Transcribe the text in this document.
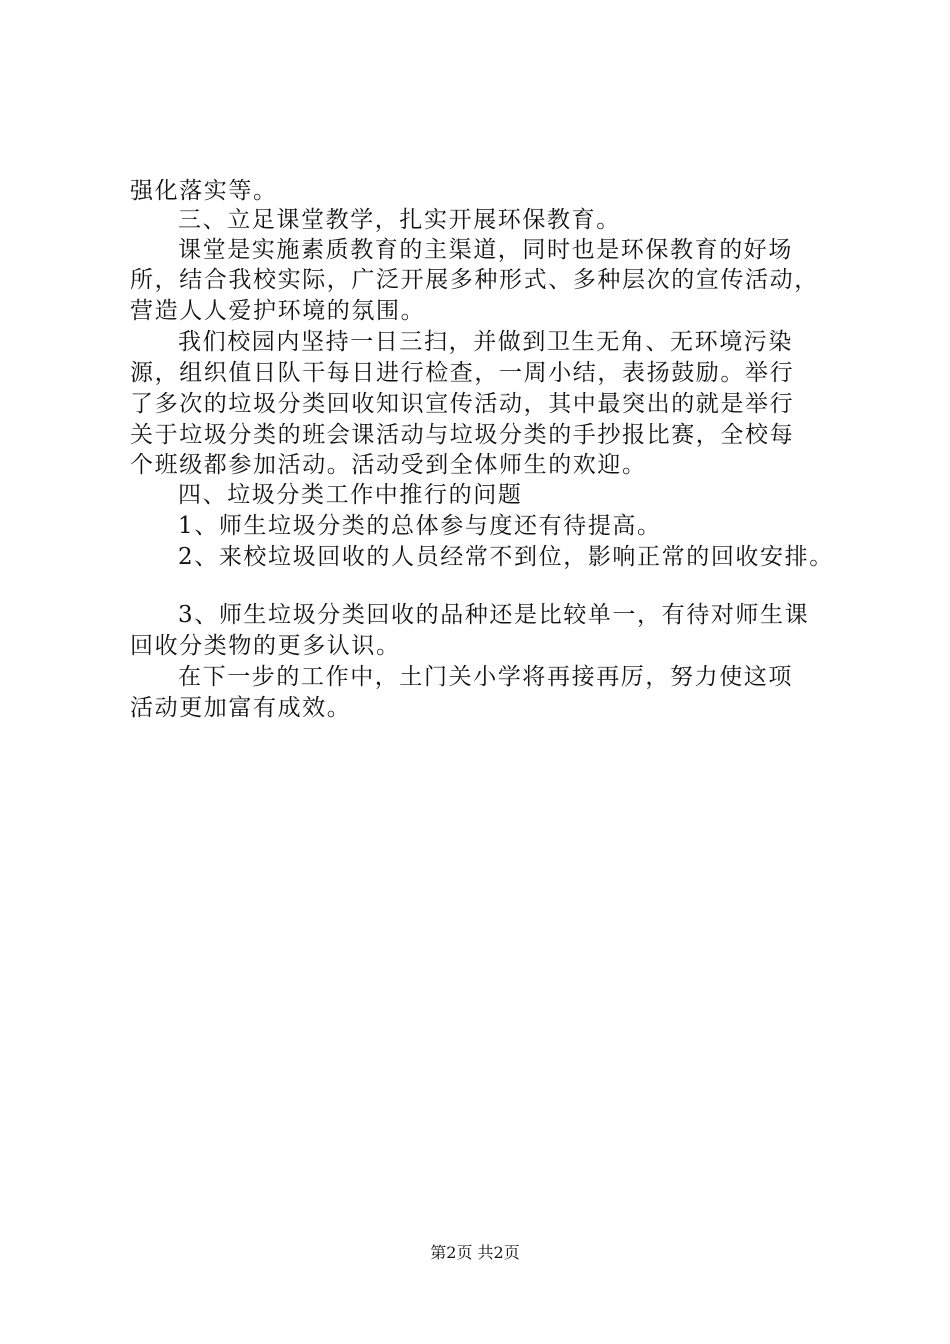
强化落实等。
三、立足课堂教学，扎实开展环保教育。
课堂是实施素质教育的主渠道，同时也是环保教育的好场
所，结合我校实际，广泛开展多种形式、多种层次的宣传活动，
营造人人爱护环境的氛围。
我们校园内坚持一日三扫，并做到卫生无角、无环境污染
源，组织值日队干每日进行检查，一周小结，表扬鼓励。举行
了多次的垃圾分类回收知识宣传活动，其中最突出的就是举行
关于垃圾分类的班会课活动与垃圾分类的手抄报比赛，全校每
个班级都参加活动。活动受到全体师生的欢迎。
四、垃圾分类工作中推行的问题
1、师生垃圾分类的总体参与度还有待提高。
2、来校垃圾回收的人员经常不到位，影响正常的回收安排。
3、师生垃圾分类回收的品种还是比较单一，有待对师生课
回收分类物的更多认识。
在下一步的工作中，土门关小学将再接再厉，努力使这项
活动更加富有成效。
第2页 共2页
